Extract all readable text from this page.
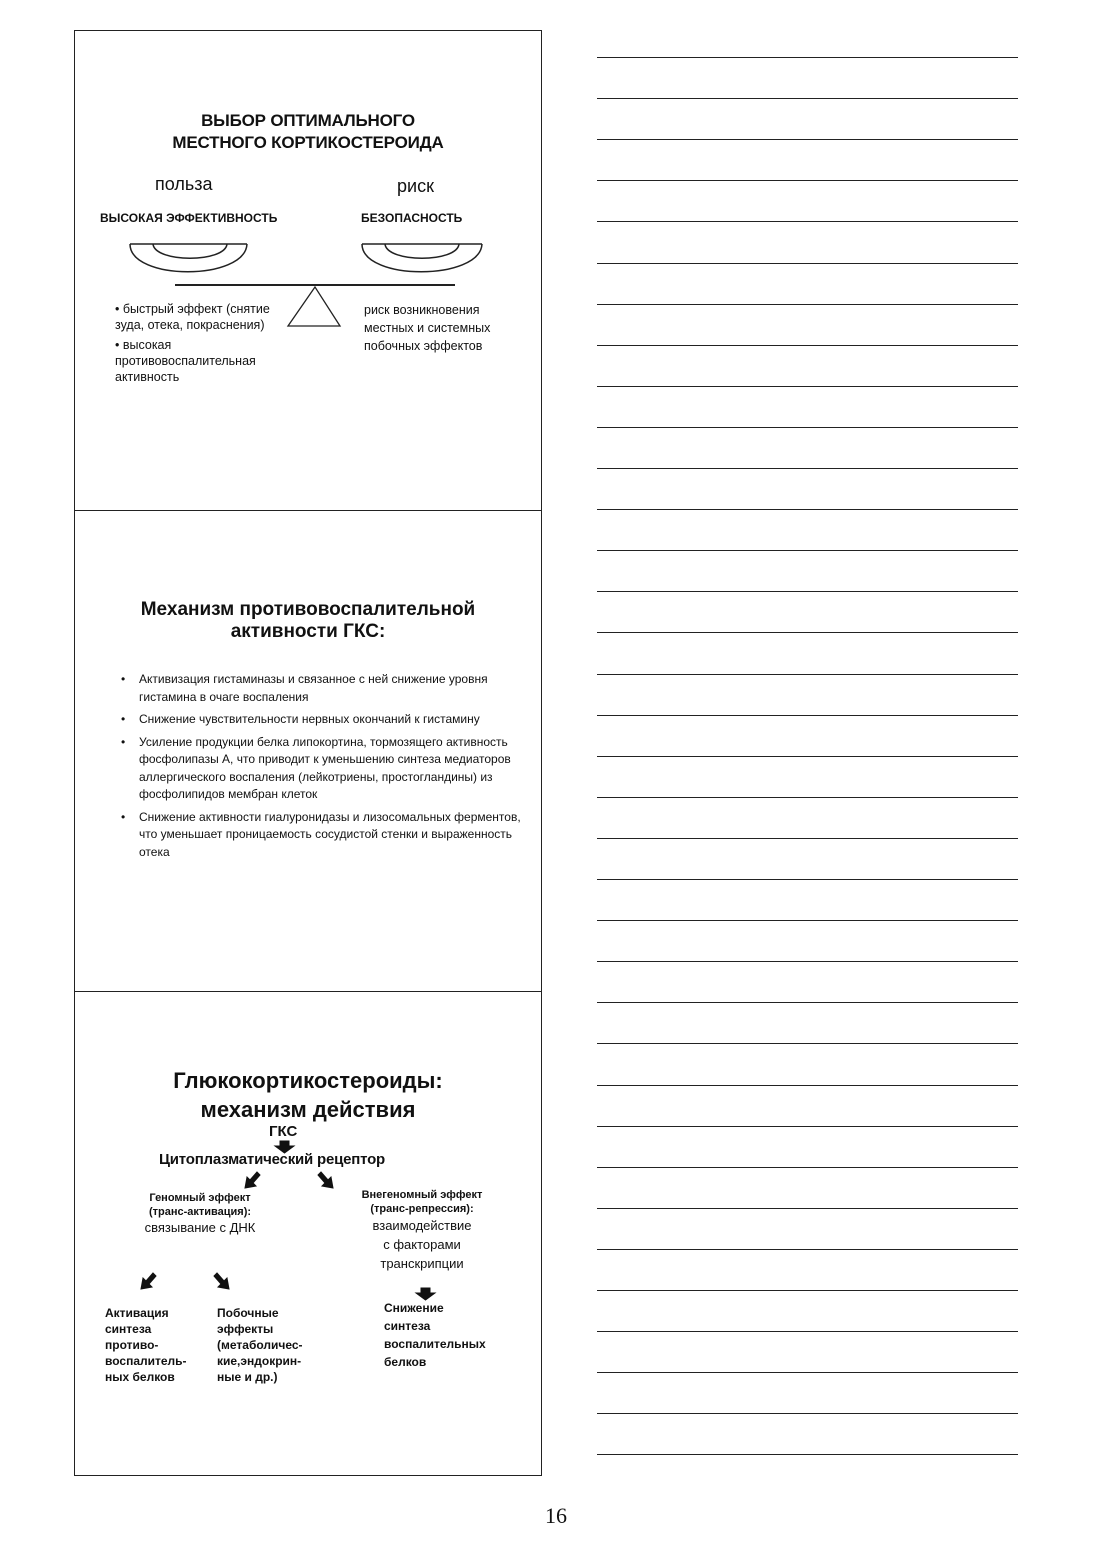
ВЫБОР ОПТИМАЛЬНОГО
МЕСТНОГО КОРТИКОСТЕРОИДА
польза	риск
ВЫСОКАЯ ЭФФЕКТИВНОСТЬ	БЕЗОПАСНОСТЬ
• быстрый эффект (снятие зуда, отека, покраснения)
• высокая противовоспалительная активность
риск возникновения местных и системных побочных эффектов
Механизм противовоспалительной
активности ГКС:
• Активизация гистаминазы и связанное с ней снижение уровня гистамина в очаге воспаления
• Снижение чувствительности нервных окончаний к гистамину
• Усиление продукции белка липокортина, тормозящего активность фосфолипазы А, что приводит к уменьшению синтеза медиаторов аллергического воспаления (лейкотриены, простогландины) из фосфолипидов мембран клеток
• Снижение активности гиалуронидазы и лизосомальных ферментов, что уменьшает проницаемость сосудистой стенки и выраженность отека
Глюкокортикостероиды:
механизм действия
ГКС
Цитоплазматический рецептор
Геномный эффект
(транс-активация):
связывание с ДНК
Внегеномный эффект
(транс-репрессия):
взаимодействие
с факторами
транскрипции
Активация
синтеза
противо-
воспалитель-
ных белков
Побочные
эффекты
(метаболичес-
кие,эндокрин-
ные и др.)
Снижение
синтеза
воспалительных
белков
16
